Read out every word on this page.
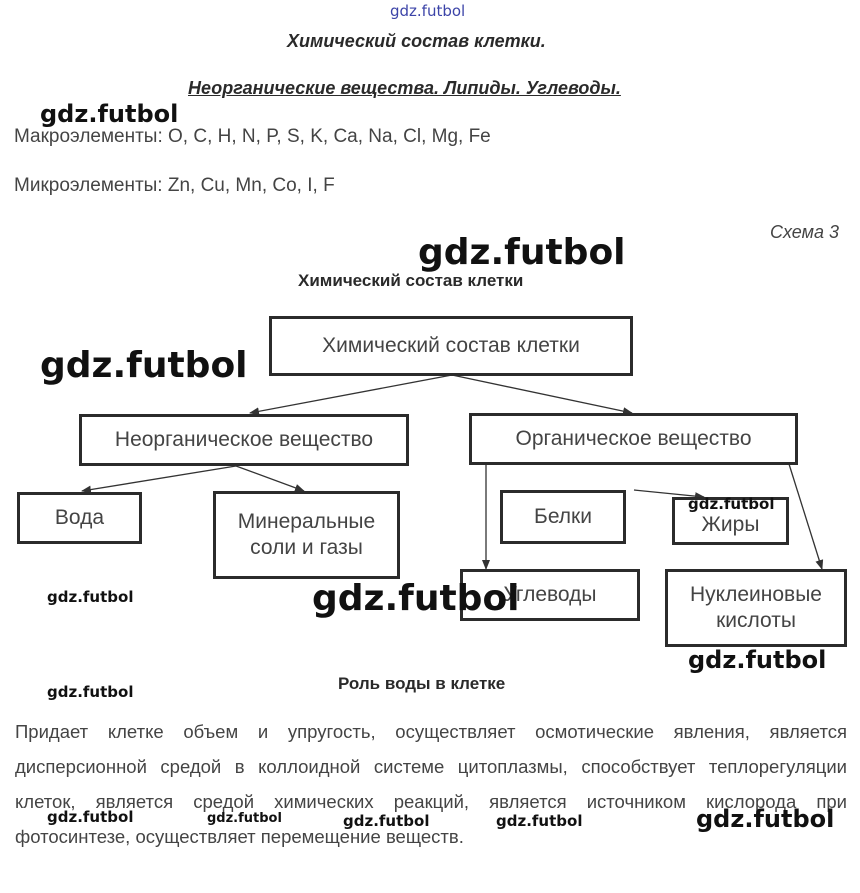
gdz.futbol
Химический состав клетки.
Неорганические вещества. Липиды. Углеводы.
Макроэлементы: O, C, H, N, P, S, K, Ca, Na, Cl, Mg, Fe
Микроэлементы: Zn, Cu, Mn, Co, I, F
Схема 3
Химический состав клетки
Химический состав клетки
Неорганическое вещество	Органическое вещество
Вода	Минеральные
соли и газы
Белки	Жиры
Углеводы	Нуклеиновые
кислоты
Роль воды в клетке
Придает клетке объем и упругость, осуществляет осмотические явления, является дисперсионной средой в коллоидной системе цитоплазмы, способствует теплорегуляции клеток, является средой химических реакций, является источником кислорода при фотосинтезе, осуществляет перемещение веществ.
gdz.futbol
gdz.futbol
gdz.futbol
gdz.futbol
gdz.futbol	gdz.futbol
gdz.futbol
gdz.futbol
gdz.futbol	gdz.futbol	gdz.futbol	gdz.futbol	gdz.futbol
